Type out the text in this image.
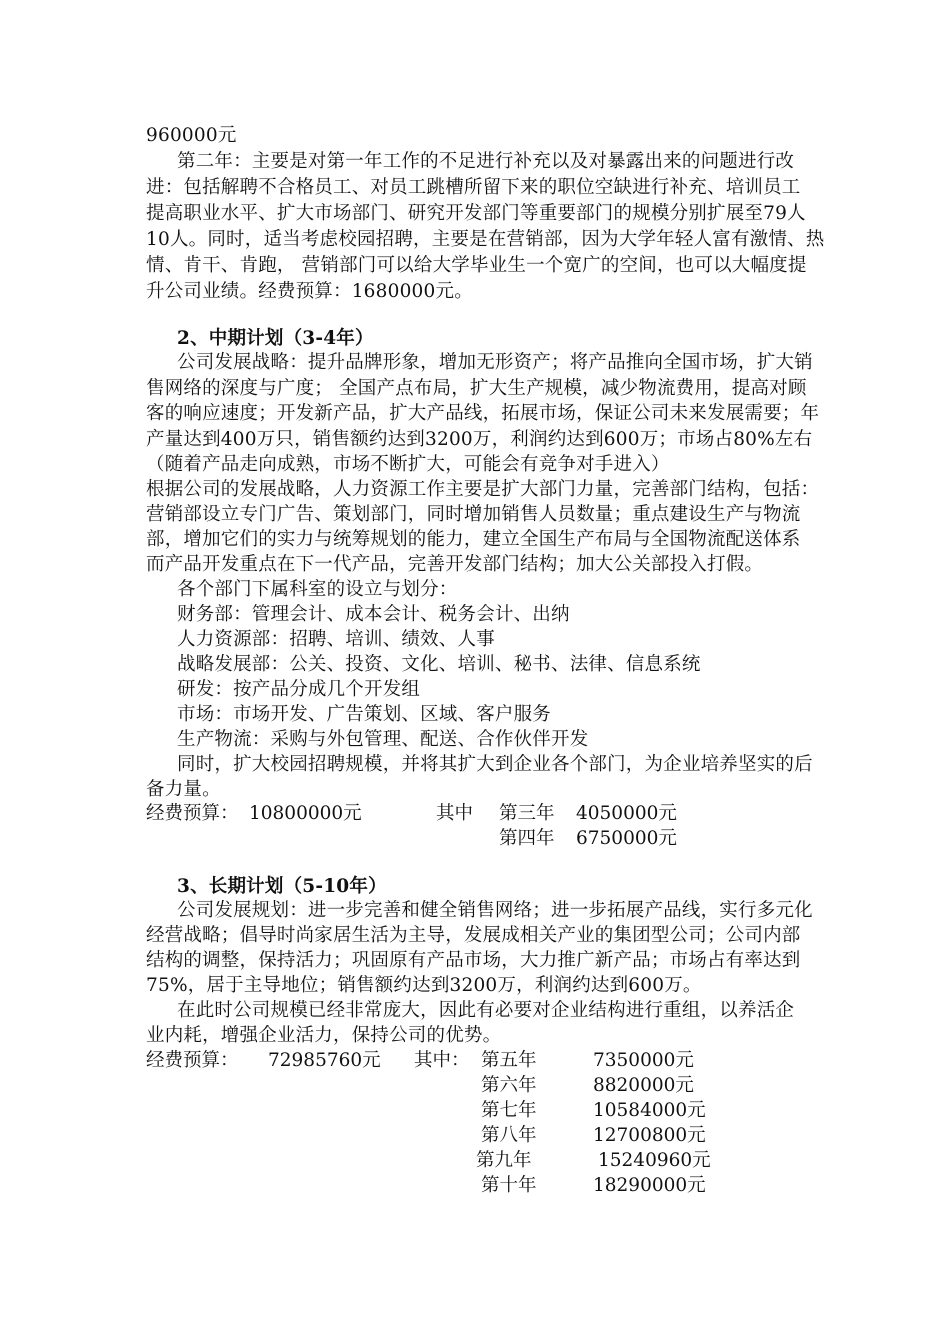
960000元
第二年：主要是对第一年工作的不足进行补充以及对暴露出来的问题进行改
进：包括解聘不合格员工、对员工跳槽所留下来的职位空缺进行补充、培训员工
提高职业水平、扩大市场部门、研究开发部门等重要部门的规模分别扩展至79人
10人。同时，适当考虑校园招聘，主要是在营销部，因为大学年轻人富有激情、热
情、肯干、肯跑， 营销部门可以给大学毕业生一个宽广的空间，也可以大幅度提
升公司业绩。经费预算：1680000元。
2、中期计划（3-4年）
公司发展战略：提升品牌形象，增加无形资产；将产品推向全国市场，扩大销
售网络的深度与广度； 全国产点布局，扩大生产规模，减少物流费用，提高对顾
客的响应速度；开发新产品，扩大产品线，拓展市场，保证公司未来发展需要；年
产量达到400万只，销售额约达到3200万，利润约达到600万；市场占80%左右
（随着产品走向成熟，市场不断扩大，可能会有竞争对手进入）
根据公司的发展战略，人力资源工作主要是扩大部门力量，完善部门结构，包括：
营销部设立专门广告、策划部门，同时增加销售人员数量；重点建设生产与物流
部，增加它们的实力与统筹规划的能力，建立全国生产布局与全国物流配送体系
而产品开发重点在下一代产品，完善开发部门结构；加大公关部投入打假。
各个部门下属科室的设立与划分：
财务部：管理会计、成本会计、税务会计、出纳
人力资源部：招聘、培训、绩效、人事
战略发展部：公关、投资、文化、培训、秘书、法律、信息系统
研发：按产品分成几个开发组
市场：市场开发、广告策划、区域、客户服务
生产物流：采购与外包管理、配送、合作伙伴开发
同时，扩大校园招聘规模，并将其扩大到企业各个部门，为企业培养坚实的后
备力量。
经费预算： 10800000元	其中 第三年 4050000元
第四年 6750000元
3、长期计划（5-10年）
公司发展规划：进一步完善和健全销售网络；进一步拓展产品线，实行多元化
经营战略；倡导时尚家居生活为主导，发展成相关产业的集团型公司；公司内部
结构的调整，保持活力；巩固原有产品市场，大力推广新产品；市场占有率达到
75%，居于主导地位；销售额约达到3200万，利润约达到600万。
在此时公司规模已经非常庞大，因此有必要对企业结构进行重组，以养活企
业内耗，增强企业活力，保持公司的优势。
经费预算： 72985760元 其中： 第五年	7350000元
第六年	8820000元
第七年	10584000元
第八年	12700800元
第九年	15240960元
第十年	18290000元
